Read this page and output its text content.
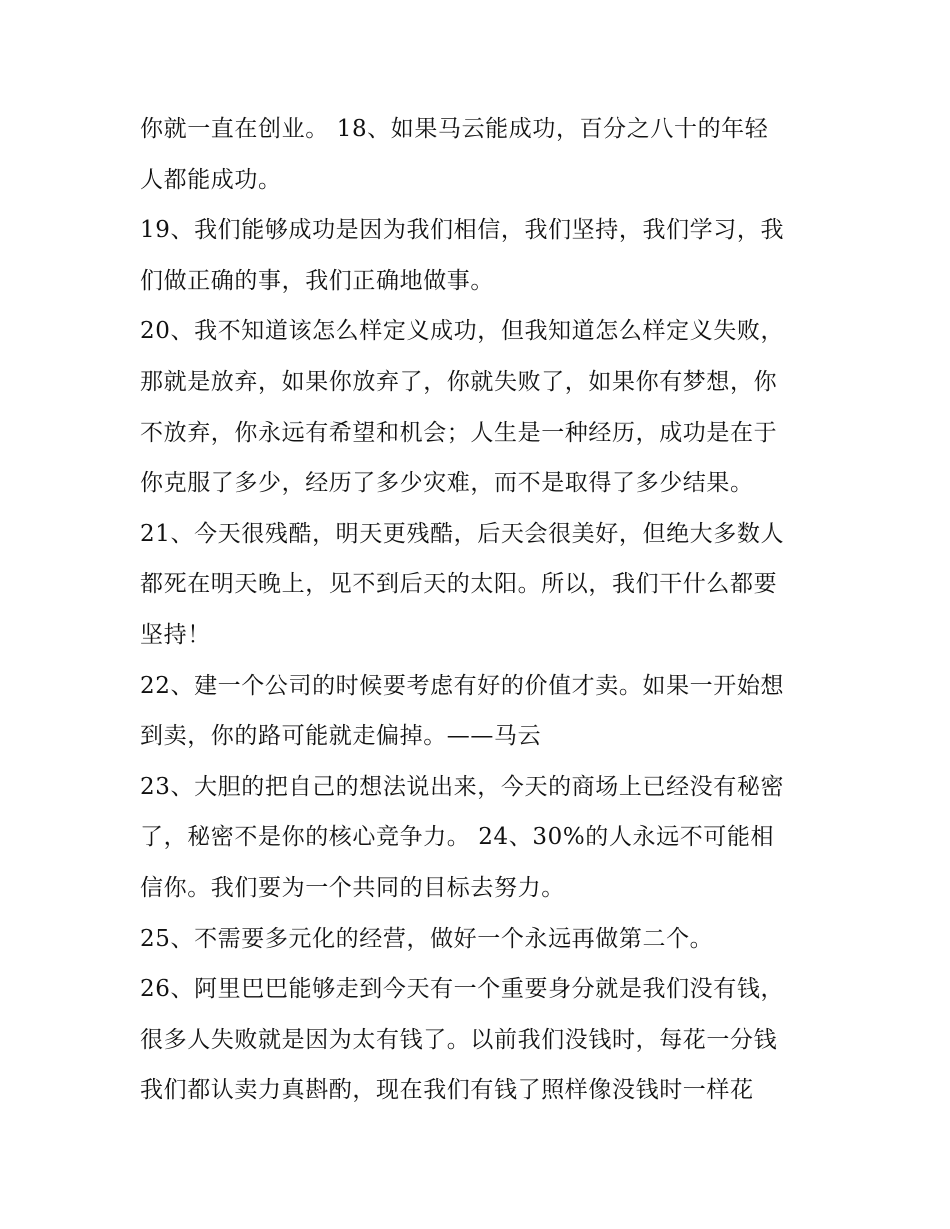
你就一直在创业。 18、如果马云能成功，百分之八十的年轻
人都能成功。
19、我们能够成功是因为我们相信，我们坚持，我们学习，我
们做正确的事，我们正确地做事。
20、我不知道该怎么样定义成功，但我知道怎么样定义失败，
那就是放弃，如果你放弃了，你就失败了，如果你有梦想，你
不放弃，你永远有希望和机会；人生是一种经历，成功是在于
你克服了多少，经历了多少灾难，而不是取得了多少结果。
21、今天很残酷，明天更残酷，后天会很美好，但绝大多数人
都死在明天晚上，见不到后天的太阳。所以，我们干什么都要
坚持！
22、建一个公司的时候要考虑有好的价值才卖。如果一开始想
到卖，你的路可能就走偏掉。——马云
23、大胆的把自己的想法说出来，今天的商场上已经没有秘密
了，秘密不是你的核心竞争力。 24、30%的人永远不可能相
信你。我们要为一个共同的目标去努力。
25、不需要多元化的经营，做好一个永远再做第二个。
26、阿里巴巴能够走到今天有一个重要身分就是我们没有钱，
很多人失败就是因为太有钱了。以前我们没钱时，每花一分钱
我们都认卖力真斟酌，现在我们有钱了照样像没钱时一样花
